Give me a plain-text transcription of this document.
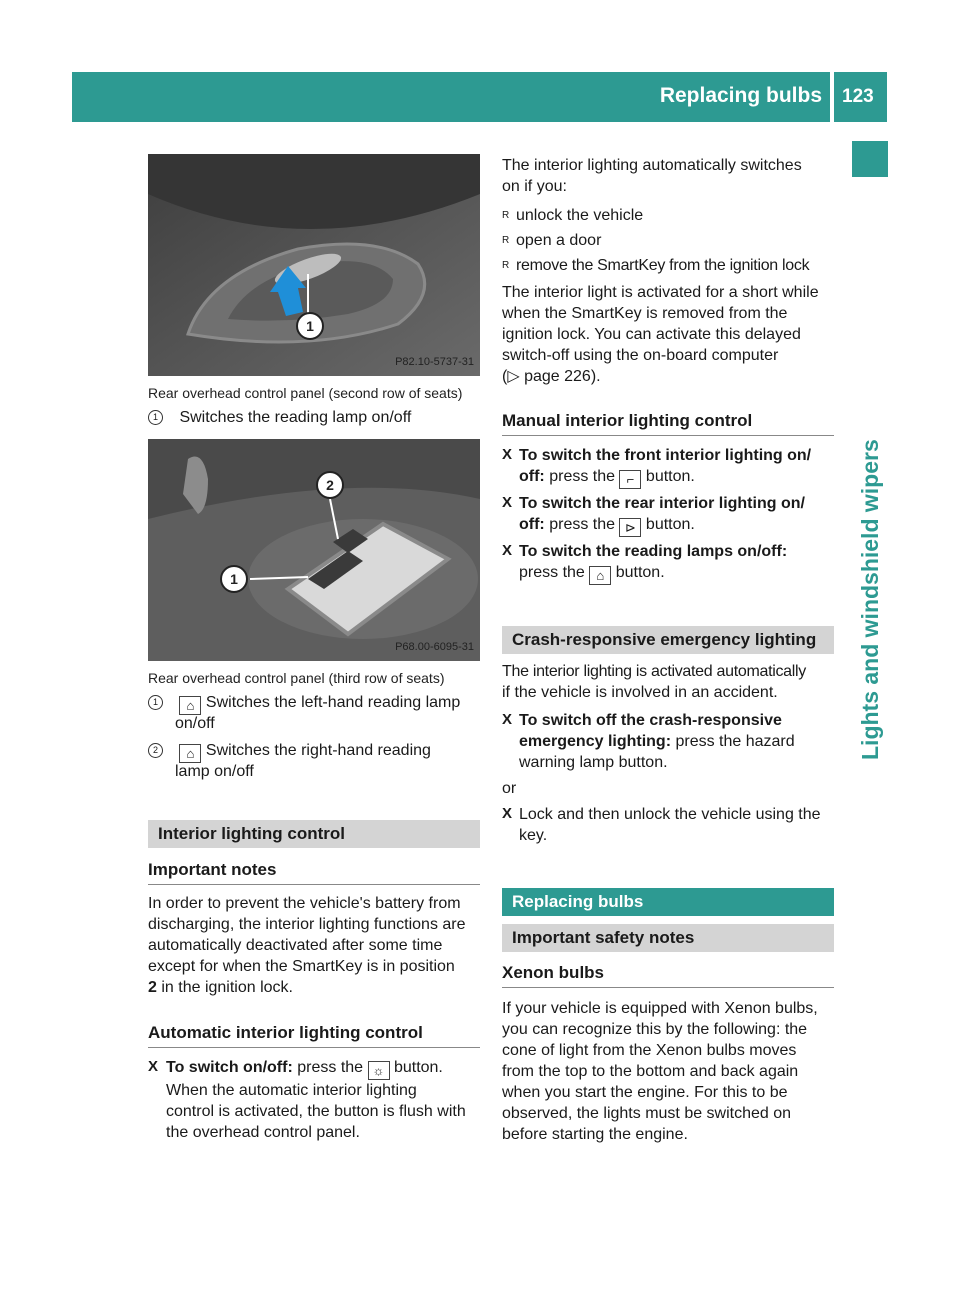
Replacing bulbs 123
Lights and windshield wipers
1
P82.10-5737-31
Rear overhead control panel (second row of seats)
1 Switches the reading lamp on/off
1
2
P68.00-6095-31
Rear overhead control panel (third row of seats)
1 ⌂ Switches the left-hand reading lamp
on/off
2 ⌂ Switches the right-hand reading
lamp on/off
Interior lighting control
Important notes
In order to prevent the vehicle's battery from
discharging, the interior lighting functions are
automatically deactivated after some time
except for when the SmartKey is in position
2 in the ignition lock.
Automatic interior lighting control
X To switch on/off: press the ☼ button.
When the automatic interior lighting
control is activated, the button is flush with
the overhead control panel.
The interior lighting automatically switches
on if you:
R unlock the vehicle
R open a door
R remove the SmartKey from the ignition lock
The interior light is activated for a short while
when the SmartKey is removed from the
ignition lock. You can activate this delayed
switch-off using the on-board computer
(▷ page 226).
Manual interior lighting control
X To switch the front interior lighting on/
off: press the ⌐ button.
X To switch the rear interior lighting on/
off: press the ⊳ button.
X To switch the reading lamps on/off:
press the ⌂ button.
Crash-responsive emergency lighting
The interior lighting is activated automatically
if the vehicle is involved in an accident.
X To switch off the crash-responsive
emergency lighting: press the hazard
warning lamp button.
or
X Lock and then unlock the vehicle using the
key.
Replacing bulbs
Important safety notes
Xenon bulbs
If your vehicle is equipped with Xenon bulbs,
you can recognize this by the following: the
cone of light from the Xenon bulbs moves
from the top to the bottom and back again
when you start the engine. For this to be
observed, the lights must be switched on
before starting the engine.
